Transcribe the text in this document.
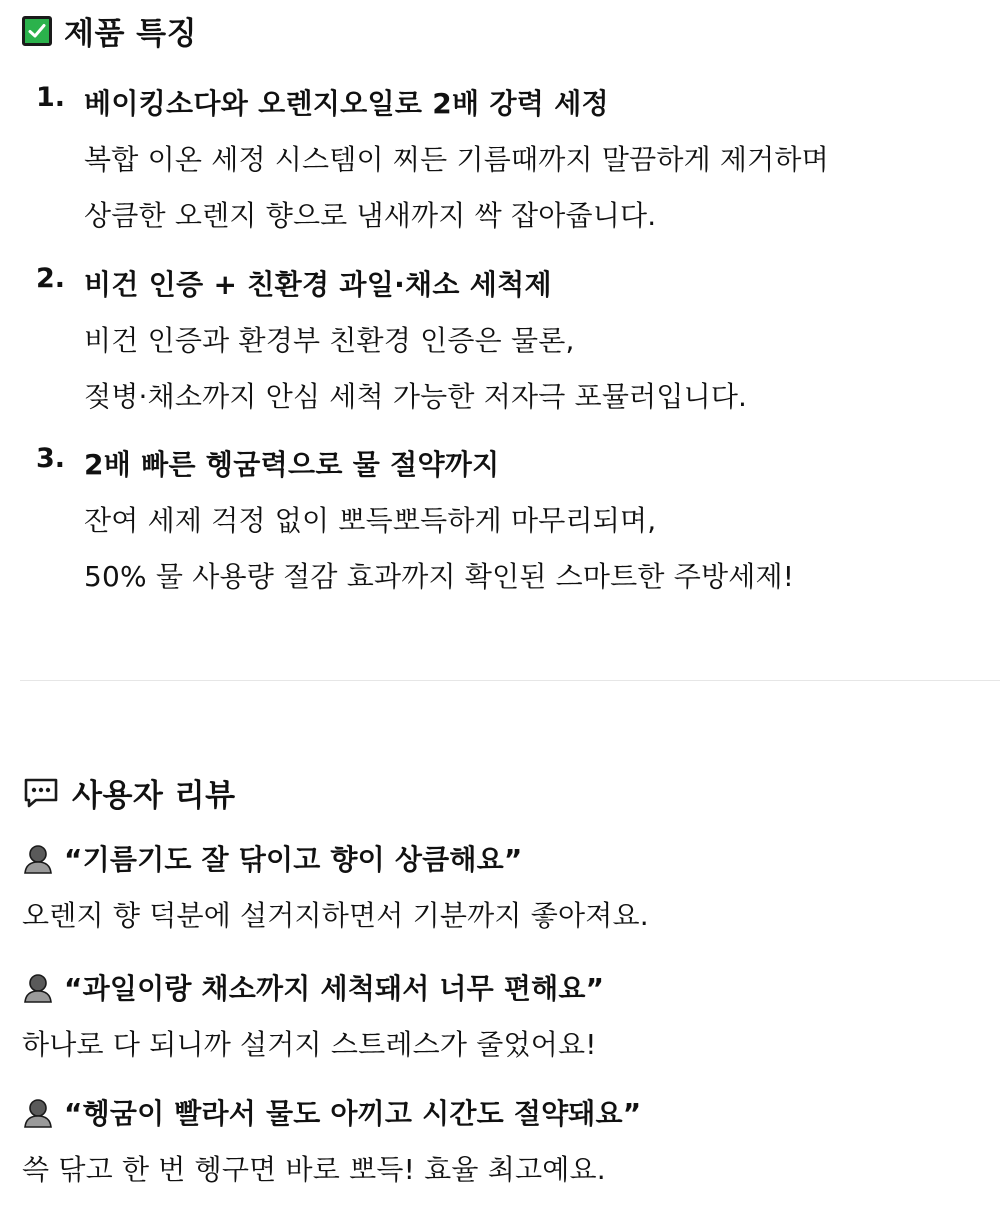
제품 특징
1. 베이킹소다와 오렌지오일로 2배 강력 세정
복합 이온 세정 시스템이 찌든 기름때까지 말끔하게 제거하며
상큼한 오렌지 향으로 냄새까지 싹 잡아줍니다.
2. 비건 인증 + 친환경 과일·채소 세척제
비건 인증과 환경부 친환경 인증은 물론,
젖병·채소까지 안심 세척 가능한 저자극 포뮬러입니다.
3. 2배 빠른 헹굼력으로 물 절약까지
잔여 세제 걱정 없이 뽀득뽀득하게 마무리되며,
50% 물 사용량 절감 효과까지 확인된 스마트한 주방세제!
사용자 리뷰
“기름기도 잘 닦이고 향이 상큼해요”
오렌지 향 덕분에 설거지하면서 기분까지 좋아져요.
“과일이랑 채소까지 세척돼서 너무 편해요”
하나로 다 되니까 설거지 스트레스가 줄었어요!
“헹굼이 빨라서 물도 아끼고 시간도 절약돼요”
쓱 닦고 한 번 헹구면 바로 뽀득! 효율 최고예요.
